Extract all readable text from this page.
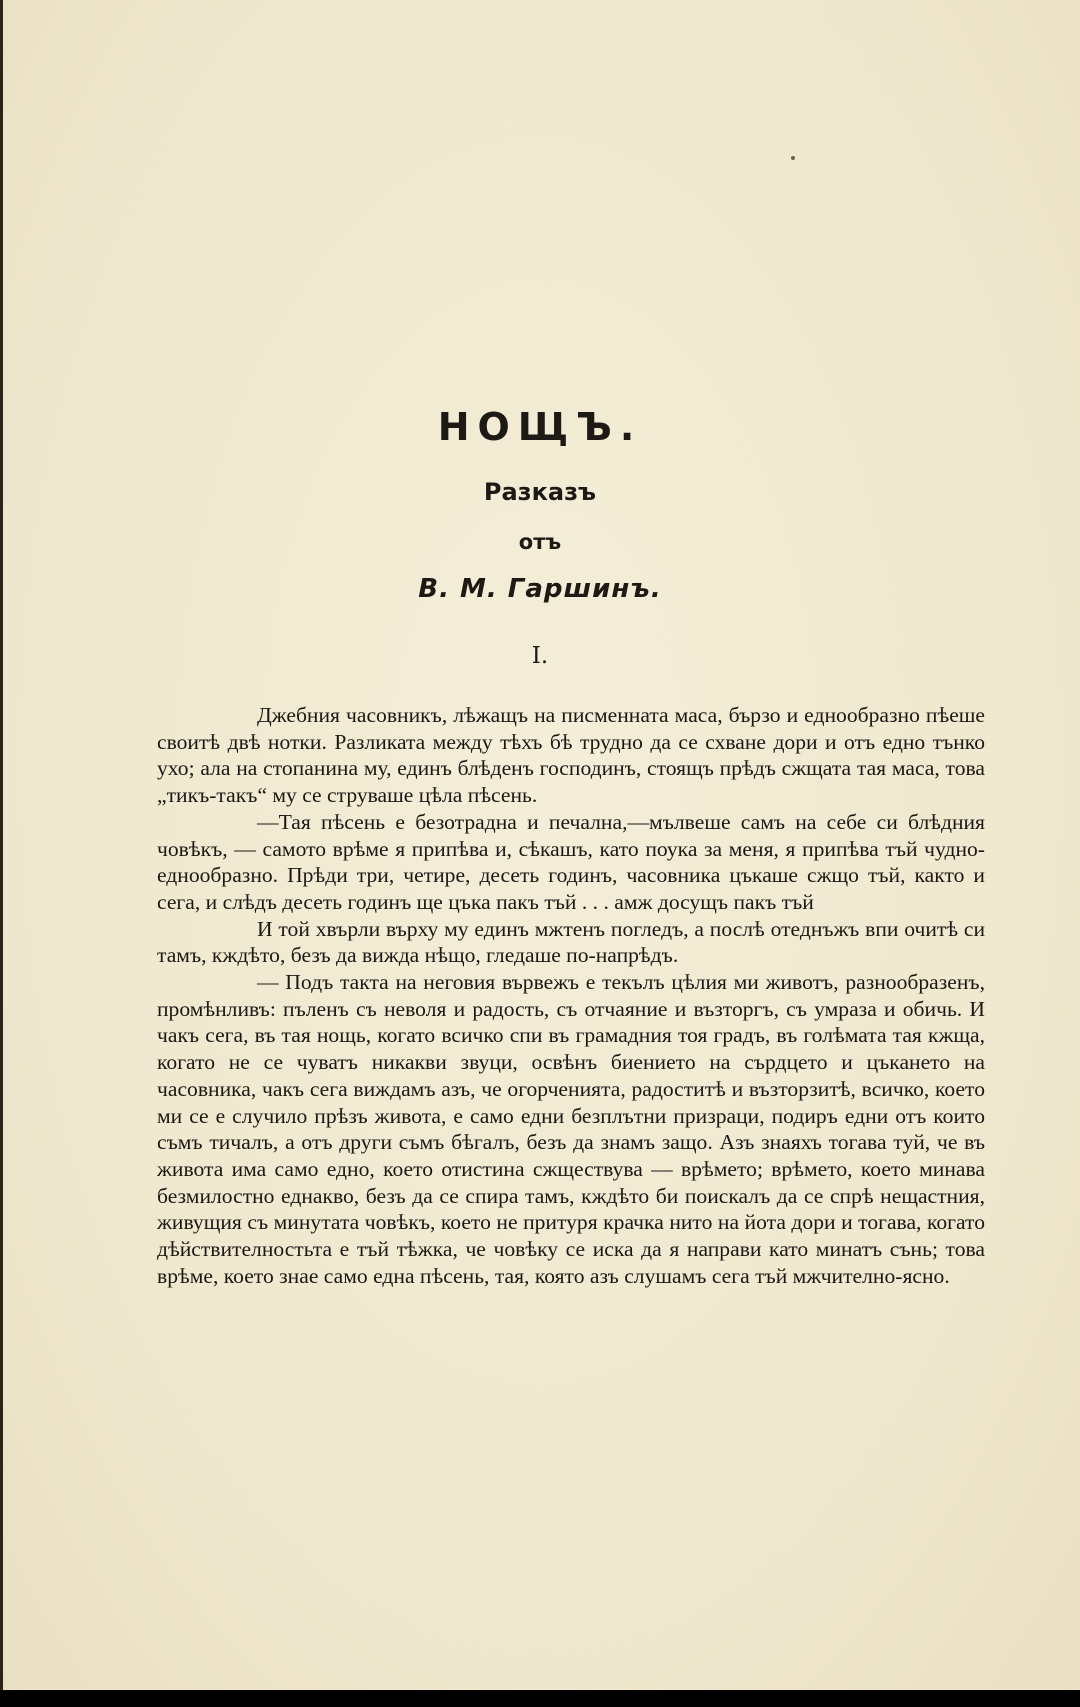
НОЩЪ.
Разказъ
отъ
В. М. Гаршинъ.
I.

Джебния часовникъ, лѣжащъ на писменната маса, бързо и еднообразно пѣеше своитѣ двѣ нотки. Разликата между тѣхъ бѣ трудно да се схване дори и отъ едно тънко ухо; ала на стопанина му, единъ блѣденъ господинъ, стоящъ прѣдъ сжщата тая маса, това „тикъ-такъ“ му се струваше цѣла пѣсень.

—Тая пѣсень е безотрадна и печална,—мълвеше самъ на себе си блѣдния човѣкъ, — самото врѣме я припѣва и, сѣкашъ, като поука за меня, я припѣва тъй чудно-еднообразно. Прѣди три, четире, десеть годинъ, часовника цъкаше сжщо тъй, както и сега, и слѣдъ десеть годинъ ще цъка пакъ тъй . . . амж досущъ пакъ тъй

И той хвърли върху му единъ мжтенъ погледъ, а послѣ отеднъжъ впи очитѣ си тамъ, кждѣто, безъ да вижда нѣщо, гледаше по-напрѣдъ.

— Подъ такта на неговия вървежъ е текълъ цѣлия ми животъ, разнообразенъ, промѣнливъ: пъленъ съ неволя и радость, съ отчаяние и възторгъ, съ умраза и обичь. И чакъ сега, въ тая нощь, когато всичко спи въ грамадния тоя градъ, въ голѣмата тая кжща, когато не се чуватъ никакви звуци, освѣнъ биението на сърдцето и цъкането на часовника, чакъ сега виждамъ азъ, че огорченията, радоститѣ и възторзитѣ, всичко, което ми се е случило прѣзъ живота, е само едни безплътни призраци, подиръ едни отъ които съмъ тичалъ, а отъ други съмъ бѣгалъ, безъ да знамъ защо. Азъ знаяхъ тогава туй, че въ живота има само едно, което отистина сжществува — врѣмето; врѣмето, което минава безмилостно еднакво, безъ да се спира тамъ, кждѣто би поискалъ да се спрѣ нещастния, живущия съ минутата човѣкъ, което не притуря крачка нито на йота дори и тогава, когато дѣйствителностьта е тъй тѣжка, че човѣку се иска да я направи като минатъ сънь; това врѣме, което знае само една пѣсень, тая, която азъ слушамъ сега тъй мжчително-ясно.
